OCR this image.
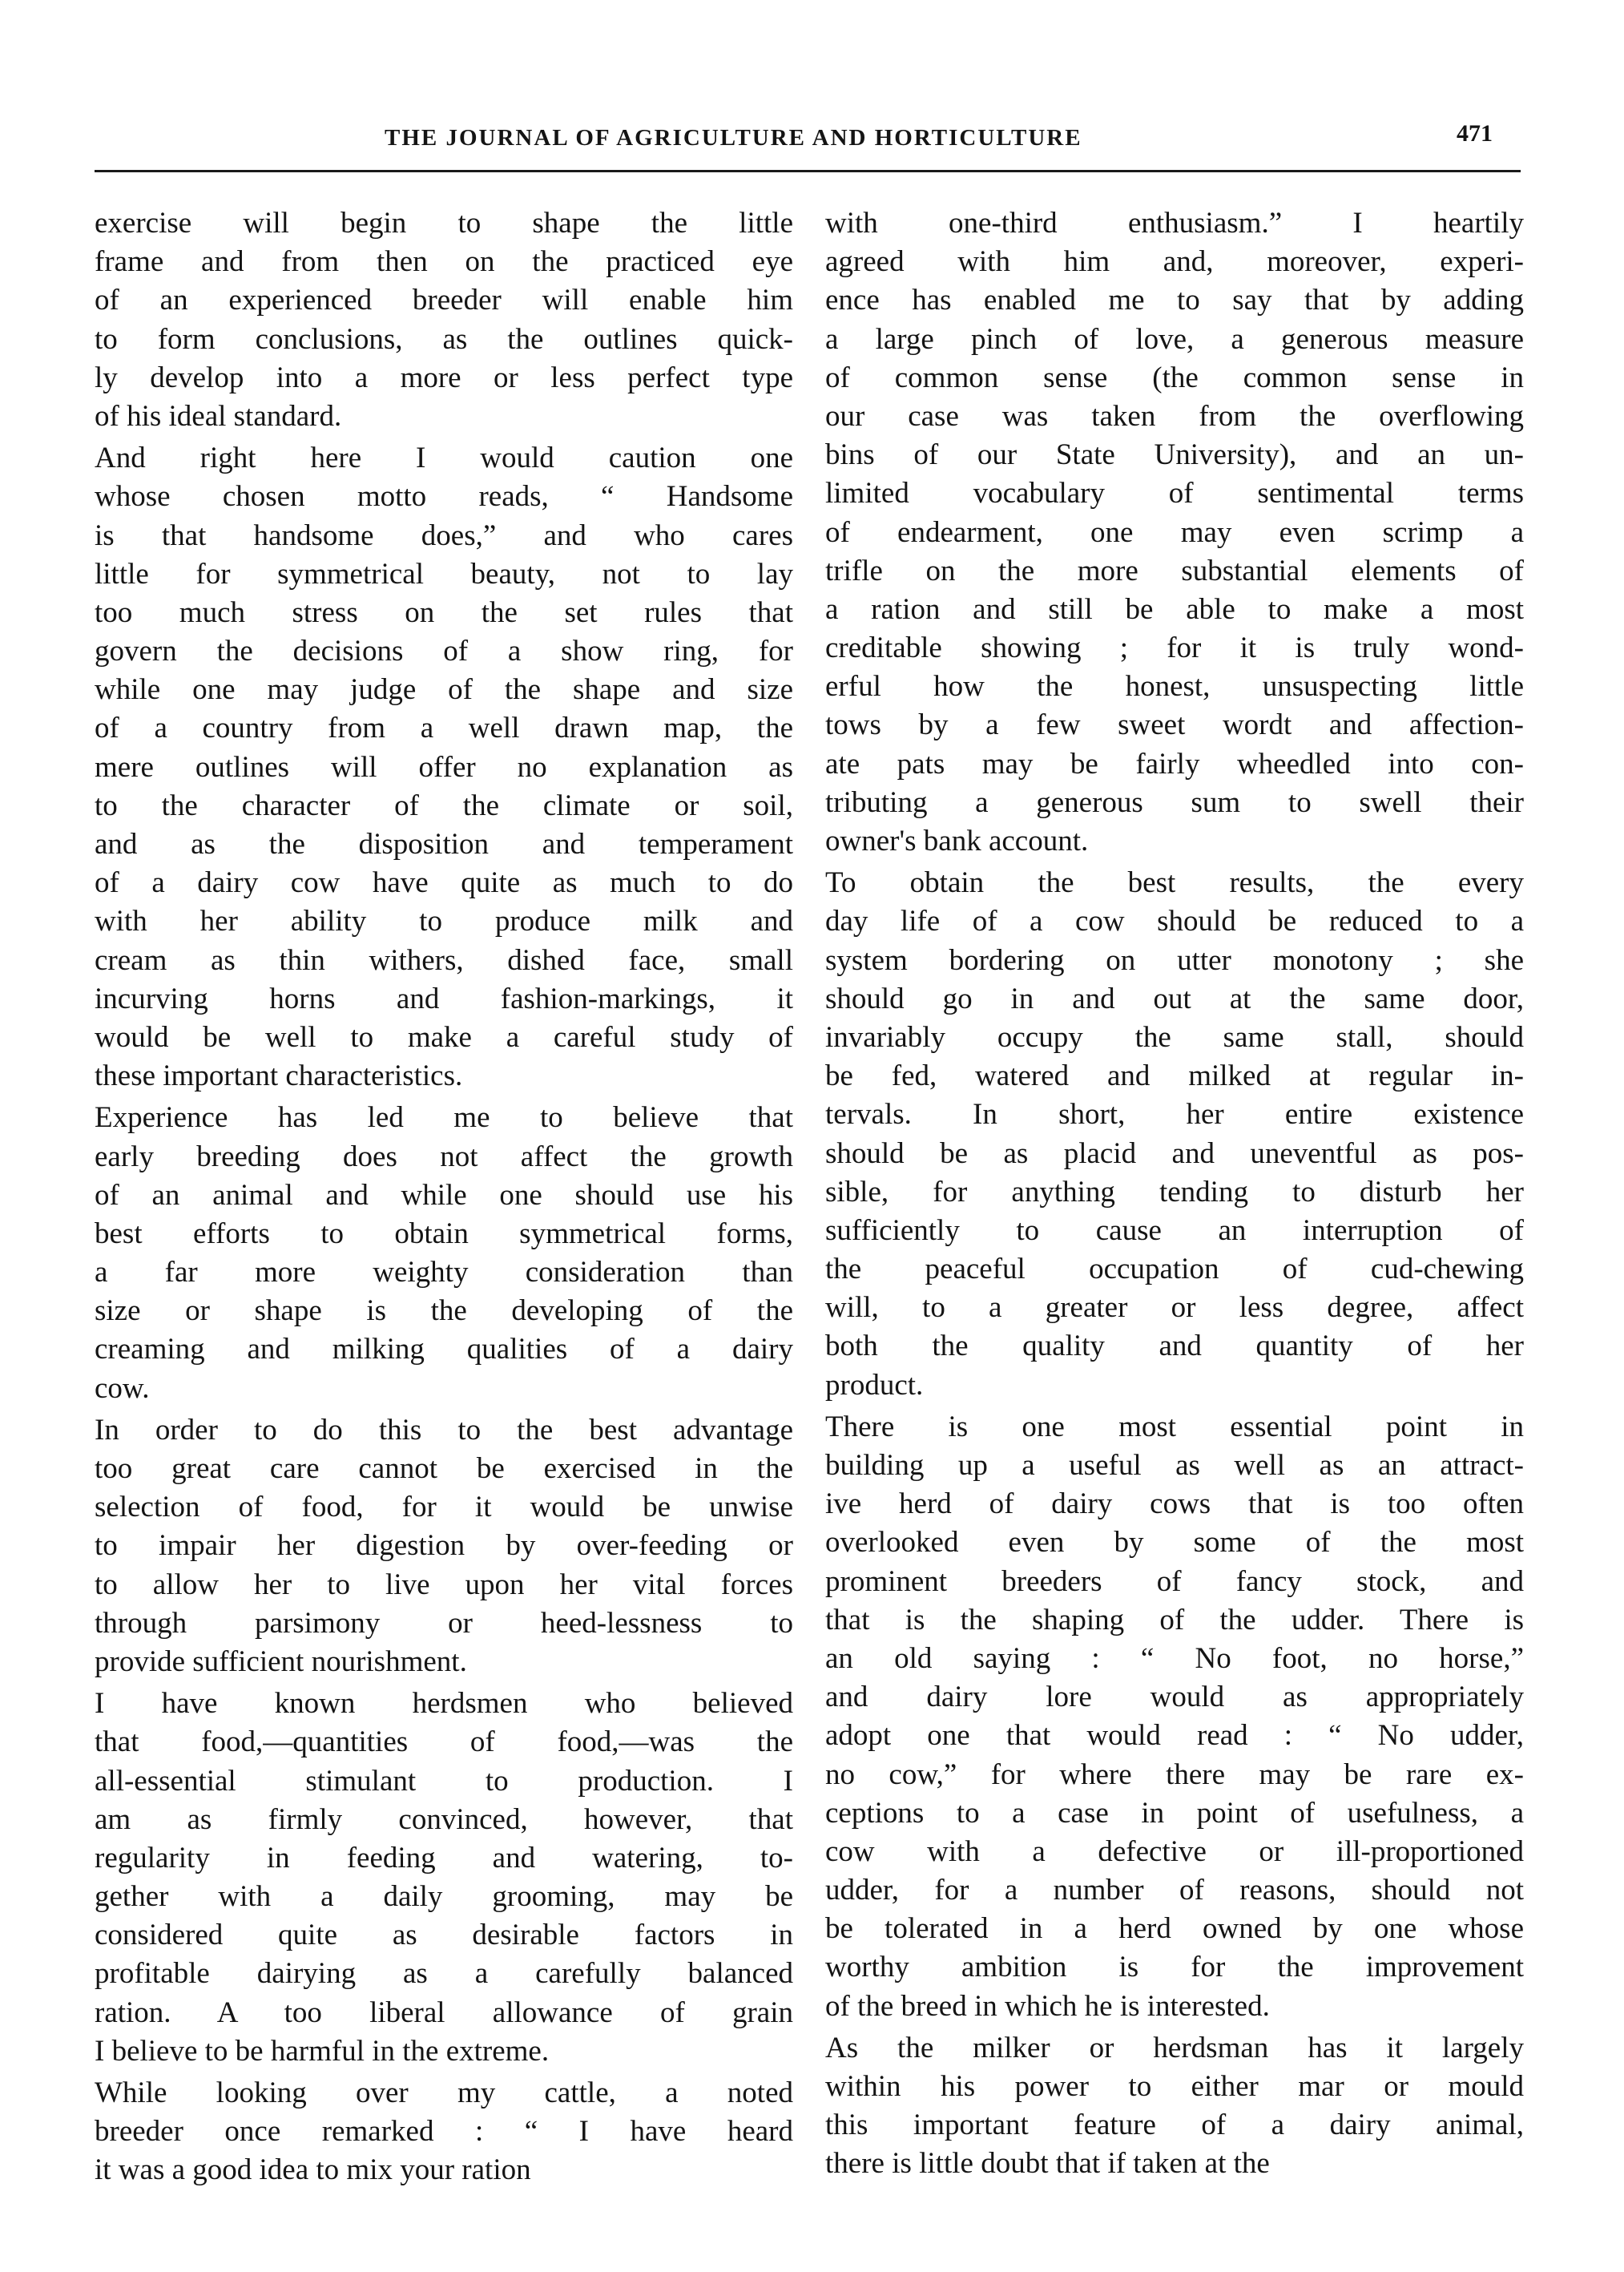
THE JOURNAL OF AGRICULTURE AND HORTICULTURE	471
exercise will begin to shape the little
frame and from then on the practiced eye
of an experienced breeder will enable him
to form conclusions, as the outlines quick-
ly develop into a more or less perfect type
of his ideal standard.
And right here I would caution one
whose chosen motto reads, “ Handsome
is that handsome does,” and who cares
little for symmetrical beauty, not to lay
too much stress on the set rules that
govern the decisions of a show ring, for
while one may judge of the shape and size
of a country from a well drawn map, the
mere outlines will offer no explanation as
to the character of the climate or soil,
and as the disposition and temperament
of a dairy cow have quite as much to do
with her ability to produce milk and
cream as thin withers, dished face, small
incurving horns and fashion-markings, it
would be well to make a careful study of
these important characteristics.
Experience has led me to believe that
early breeding does not affect the growth
of an animal and while one should use his
best efforts to obtain symmetrical forms,
a far more weighty consideration than
size or shape is the developing of the
creaming and milking qualities of a dairy
cow.
In order to do this to the best advantage
too great care cannot be exercised in the
selection of food, for it would be unwise
to impair her digestion by over-feeding or
to allow her to live upon her vital forces
through parsimony or heed-lessness to
provide sufficient nourishment.
I have known herdsmen who believed
that food,—quantities of food,—was the
all-essential stimulant to production. I
am as firmly convinced, however, that
regularity in feeding and watering, to-
gether with a daily grooming, may be
considered quite as desirable factors in
profitable dairying as a carefully balanced
ration. A too liberal allowance of grain
I believe to be harmful in the extreme.
While looking over my cattle, a noted
breeder once remarked : “ I have heard
it was a good idea to mix your ration
with one-third enthusiasm.” I heartily
agreed with him and, moreover, experi-
ence has enabled me to say that by adding
a large pinch of love, a generous measure
of common sense (the common sense in
our case was taken from the overflowing
bins of our State University), and an un-
limited vocabulary of sentimental terms
of endearment, one may even scrimp a
trifle on the more substantial elements of
a ration and still be able to make a most
creditable showing ; for it is truly wond-
erful how the honest, unsuspecting little
tows by a few sweet wordt and affection-
ate pats may be fairly wheedled into con-
tributing a generous sum to swell their
owner's bank account.
To obtain the best results, the every
day life of a cow should be reduced to a
system bordering on utter monotony ; she
should go in and out at the same door,
invariably occupy the same stall, should
be fed, watered and milked at regular in-
tervals. In short, her entire existence
should be as placid and uneventful as pos-
sible, for anything tending to disturb her
sufficiently to cause an interruption of
the peaceful occupation of cud-chewing
will, to a greater or less degree, affect
both the quality and quantity of her
product.
There is one most essential point in
building up a useful as well as an attract-
ive herd of dairy cows that is too often
overlooked even by some of the most
prominent breeders of fancy stock, and
that is the shaping of the udder. There is
an old saying : “ No foot, no horse,”
and dairy lore would as appropriately
adopt one that would read : “ No udder,
no cow,” for where there may be rare ex-
ceptions to a case in point of usefulness, a
cow with a defective or ill-proportioned
udder, for a number of reasons, should not
be tolerated in a herd owned by one whose
worthy ambition is for the improvement
of the breed in which he is interested.
As the milker or herdsman has it largely
within his power to either mar or mould
this important feature of a dairy animal,
there is little doubt that if taken at the
